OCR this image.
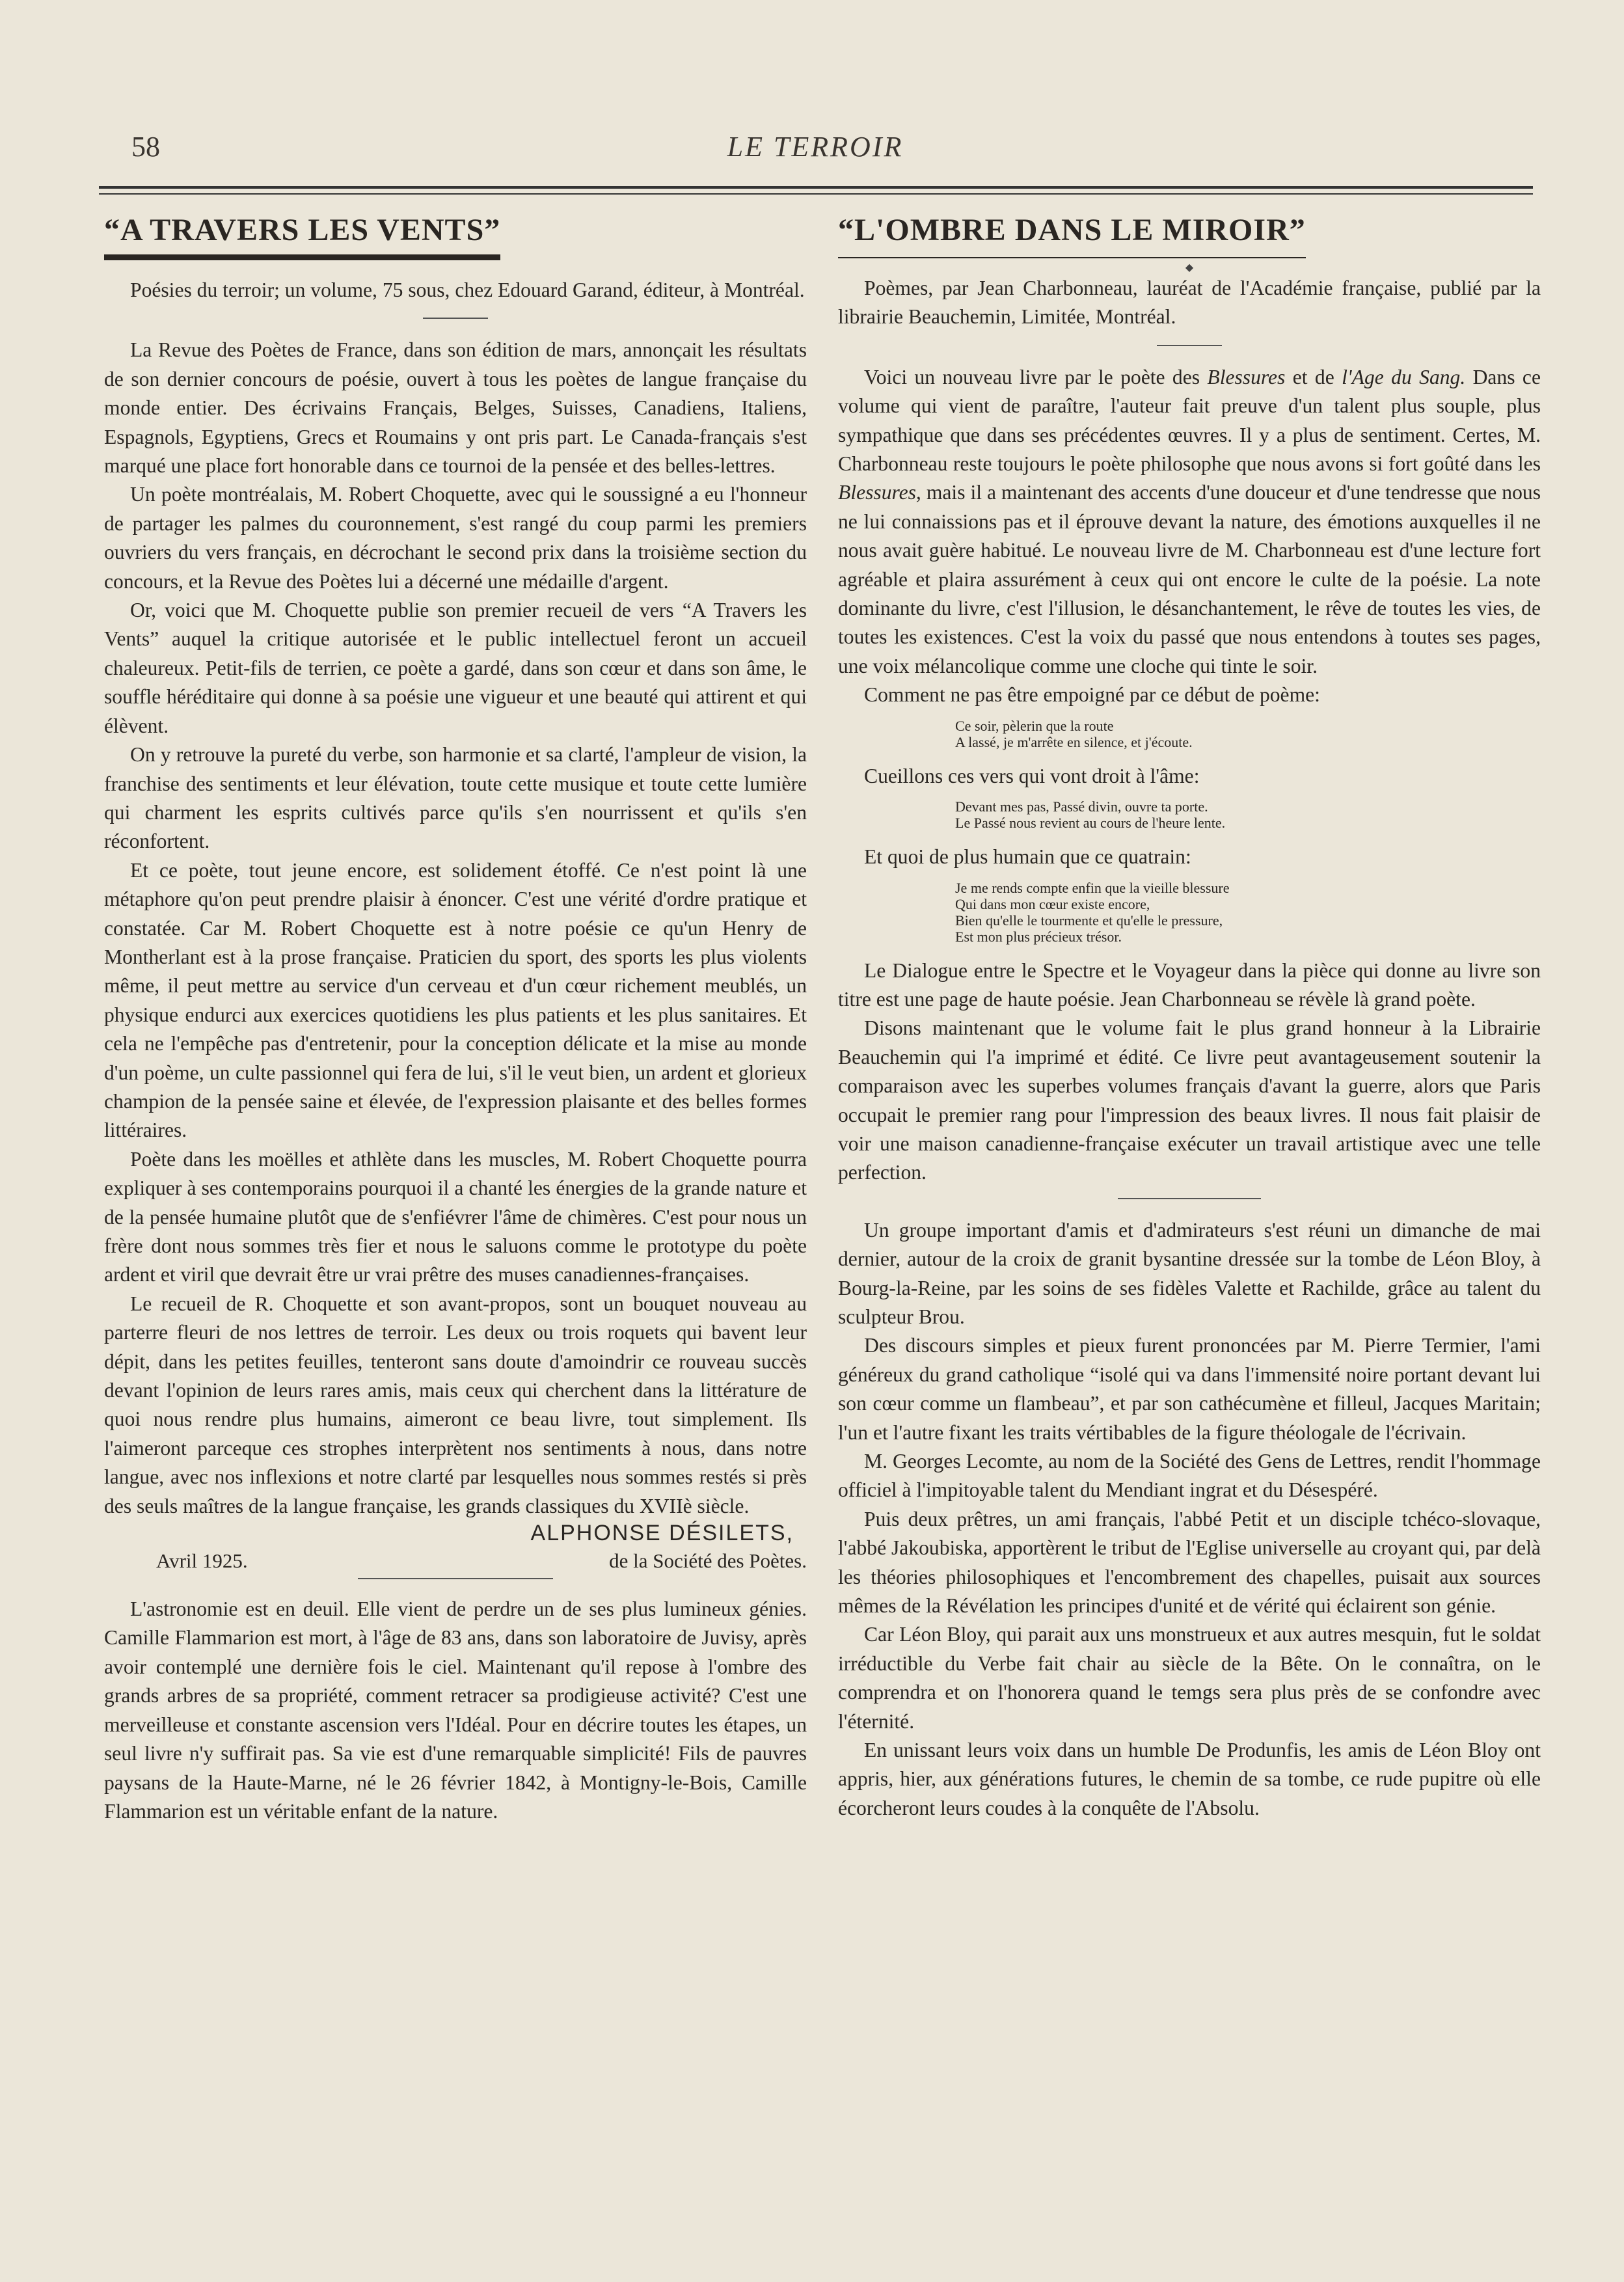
58	LE TERROIR
“A TRAVERS LES VENTS”

Poésies du terroir; un volume, 75 sous, chez Edouard Garand, éditeur, à Montréal.

La Revue des Poètes de France, dans son édition de mars, annonçait les résultats de son dernier concours de poésie, ouvert à tous les poètes de langue française du monde entier. Des écrivains Français, Belges, Suisses, Canadiens, Italiens, Espagnols, Egyptiens, Grecs et Roumains y ont pris part. Le Canada-français s'est marqué une place fort honorable dans ce tournoi de la pensée et des belles-lettres.

Un poète montréalais, M. Robert Choquette, avec qui le soussigné a eu l'honneur de partager les palmes du couronnement, s'est rangé du coup parmi les premiers ouvriers du vers français, en décrochant le second prix dans la troisième section du concours, et la Revue des Poètes lui a décerné une médaille d'argent.

Or, voici que M. Choquette publie son premier recueil de vers “A Travers les Vents” auquel la critique autorisée et le public intellectuel feront un accueil chaleureux. Petit-fils de terrien, ce poète a gardé, dans son cœur et dans son âme, le souffle héréditaire qui donne à sa poésie une vigueur et une beauté qui attirent et qui élèvent.

On y retrouve la pureté du verbe, son harmonie et sa clarté, l'ampleur de vision, la franchise des sentiments et leur élévation, toute cette musique et toute cette lumière qui charment les esprits cultivés parce qu'ils s'en nourrissent et qu'ils s'en réconfortent.

Et ce poète, tout jeune encore, est solidement étoffé. Ce n'est point là une métaphore qu'on peut prendre plaisir à énoncer. C'est une vérité d'ordre pratique et constatée. Car M. Robert Choquette est à notre poésie ce qu'un Henry de Montherlant est à la prose française. Praticien du sport, des sports les plus violents même, il peut mettre au service d'un cerveau et d'un cœur richement meublés, un physique endurci aux exercices quotidiens les plus patients et les plus sanitaires. Et cela ne l'empêche pas d'entretenir, pour la conception délicate et la mise au monde d'un poème, un culte passionnel qui fera de lui, s'il le veut bien, un ardent et glorieux champion de la pensée saine et élevée, de l'expression plaisante et des belles formes littéraires.

Poète dans les moëlles et athlète dans les muscles, M. Robert Choquette pourra expliquer à ses contemporains pourquoi il a chanté les énergies de la grande nature et de la pensée humaine plutôt que de s'enfiévrer l'âme de chimères. C'est pour nous un frère dont nous sommes très fier et nous le saluons comme le prototype du poète ardent et viril que devrait être ur vrai prêtre des muses canadiennes-françaises.

Le recueil de R. Choquette et son avant-propos, sont un bouquet nouveau au parterre fleuri de nos lettres de terroir. Les deux ou trois roquets qui bavent leur dépit, dans les petites feuilles, tenteront sans doute d'amoindrir ce rouveau succès devant l'opinion de leurs rares amis, mais ceux qui cherchent dans la littérature de quoi nous rendre plus humains, aimeront ce beau livre, tout simplement. Ils l'aimeront parceque ces strophes interprètent nos sentiments à nous, dans notre langue, avec nos inflexions et notre clarté par lesquelles nous sommes restés si près des seuls maîtres de la langue française, les grands classiques du XVIIè siècle.

ALPHONSE DÉSILETS,
Avril 1925.	de la Société des Poètes.

L'astronomie est en deuil. Elle vient de perdre un de ses plus lumineux génies. Camille Flammarion est mort, à l'âge de 83 ans, dans son laboratoire de Juvisy, après avoir contemplé une dernière fois le ciel. Maintenant qu'il repose à l'ombre des grands arbres de sa propriété, comment retracer sa prodigieuse activité? C'est une merveilleuse et constante ascension vers l'Idéal. Pour en décrire toutes les étapes, un seul livre n'y suffirait pas. Sa vie est d'une remarquable simplicité! Fils de pauvres paysans de la Haute-Marne, né le 26 février 1842, à Montigny-le-Bois, Camille Flammarion est un véritable enfant de la nature.

“L'OMBRE DANS LE MIROIR”
◆

Poèmes, par Jean Charbonneau, lauréat de l'Académie française, publié par la librairie Beauchemin, Limitée, Montréal.

Voici un nouveau livre par le poète des Blessures et de l'Age du Sang. Dans ce volume qui vient de paraître, l'auteur fait preuve d'un talent plus souple, plus sympathique que dans ses précédentes œuvres. Il y a plus de sentiment. Certes, M. Charbonneau reste toujours le poète philosophe que nous avons si fort goûté dans les Blessures, mais il a maintenant des accents d'une douceur et d'une tendresse que nous ne lui connaissions pas et il éprouve devant la nature, des émotions auxquelles il ne nous avait guère habitué. Le nouveau livre de M. Charbonneau est d'une lecture fort agréable et plaira assurément à ceux qui ont encore le culte de la poésie. La note dominante du livre, c'est l'illusion, le désanchantement, le rêve de toutes les vies, de toutes les existences. C'est la voix du passé que nous entendons à toutes ses pages, une voix mélancolique comme une cloche qui tinte le soir.

Comment ne pas être empoigné par ce début de poème:

Ce soir, pèlerin que la route
A lassé, je m'arrête en silence, et j'écoute.

Cueillons ces vers qui vont droit à l'âme:

Devant mes pas, Passé divin, ouvre ta porte.
Le Passé nous revient au cours de l'heure lente.

Et quoi de plus humain que ce quatrain:

Je me rends compte enfin que la vieille blessure
Qui dans mon cœur existe encore,
Bien qu'elle le tourmente et qu'elle le pressure,
Est mon plus précieux trésor.

Le Dialogue entre le Spectre et le Voyageur dans la pièce qui donne au livre son titre est une page de haute poésie. Jean Charbonneau se révèle là grand poète.

Disons maintenant que le volume fait le plus grand honneur à la Librairie Beauchemin qui l'a imprimé et édité. Ce livre peut avantageusement soutenir la comparaison avec les superbes volumes français d'avant la guerre, alors que Paris occupait le premier rang pour l'impression des beaux livres. Il nous fait plaisir de voir une maison canadienne-française exécuter un travail artistique avec une telle perfection.

Un groupe important d'amis et d'admirateurs s'est réuni un dimanche de mai dernier, autour de la croix de granit bysantine dressée sur la tombe de Léon Bloy, à Bourg-la-Reine, par les soins de ses fidèles Valette et Rachilde, grâce au talent du sculpteur Brou.

Des discours simples et pieux furent prononcées par M. Pierre Termier, l'ami généreux du grand catholique “isolé qui va dans l'immensité noire portant devant lui son cœur comme un flambeau”, et par son cathécumène et filleul, Jacques Maritain; l'un et l'autre fixant les traits vértibables de la figure théologale de l'écrivain.

M. Georges Lecomte, au nom de la Société des Gens de Lettres, rendit l'hommage officiel à l'impitoyable talent du Mendiant ingrat et du Désespéré.

Puis deux prêtres, un ami français, l'abbé Petit et un disciple tchéco-slovaque, l'abbé Jakoubiska, apportèrent le tribut de l'Eglise universelle au croyant qui, par delà les théories philosophiques et l'encombrement des chapelles, puisait aux sources mêmes de la Révélation les principes d'unité et de vérité qui éclairent son génie.

Car Léon Bloy, qui parait aux uns monstrueux et aux autres mesquin, fut le soldat irréductible du Verbe fait chair au siècle de la Bête. On le connaîtra, on le comprendra et on l'honorera quand le temgs sera plus près de se confondre avec l'éternité.

En unissant leurs voix dans un humble De Produnfis, les amis de Léon Bloy ont appris, hier, aux générations futures, le chemin de sa tombe, ce rude pupitre où elle écorcheront leurs coudes à la conquête de l'Absolu.
